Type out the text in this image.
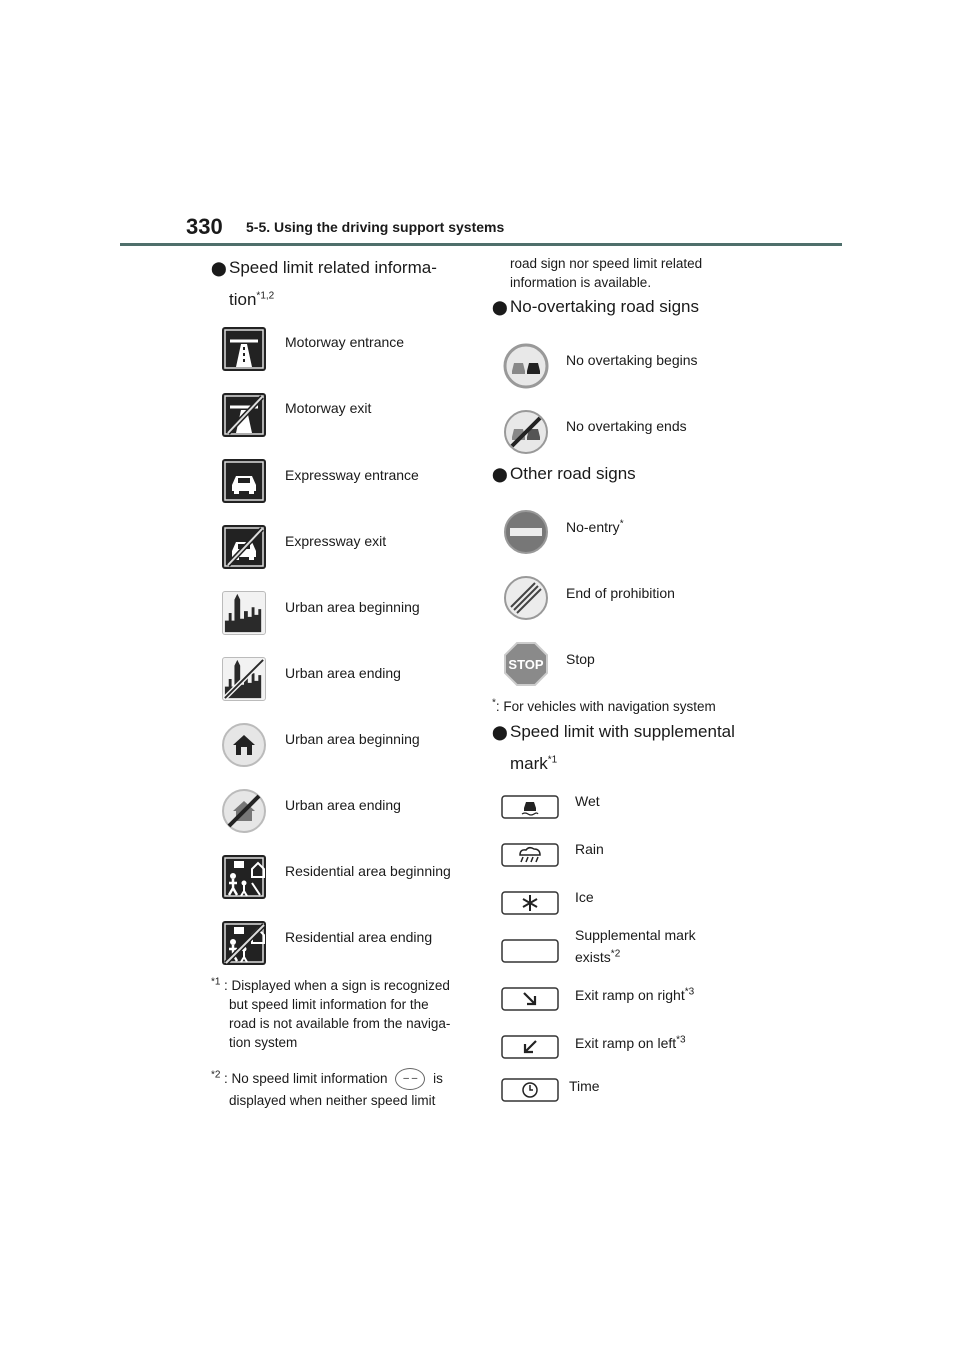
330 5-5. Using the driving support systems
⬤ Speed limit related informa-
tion$^{*1,2}$
Motorway entrance
Motorway exit
Expressway entrance
Expressway exit
Urban area beginning
Urban area ending
Urban area beginning
Urban area ending
Residential area beginning
Residential area ending
$^{*1}$ : Displayed when a sign is recognized
but speed limit information for the
road is not available from the naviga-
tion system
$^{*2}$ : No speed limit information – – is
displayed when neither speed limit
road sign nor speed limit related
information is available.
⬤ No-overtaking road signs
No overtaking begins
No overtaking ends
⬤ Other road signs
No-entry*
End of prohibition
STOP Stop
*: For vehicles with navigation system
⬤ Speed limit with supplemental
mark$^{*1}$
Wet
Rain
Ice
Supplemental mark
exists$^{*2}$
Exit ramp on right$^{*3}$
Exit ramp on left$^{*3}$
Time
